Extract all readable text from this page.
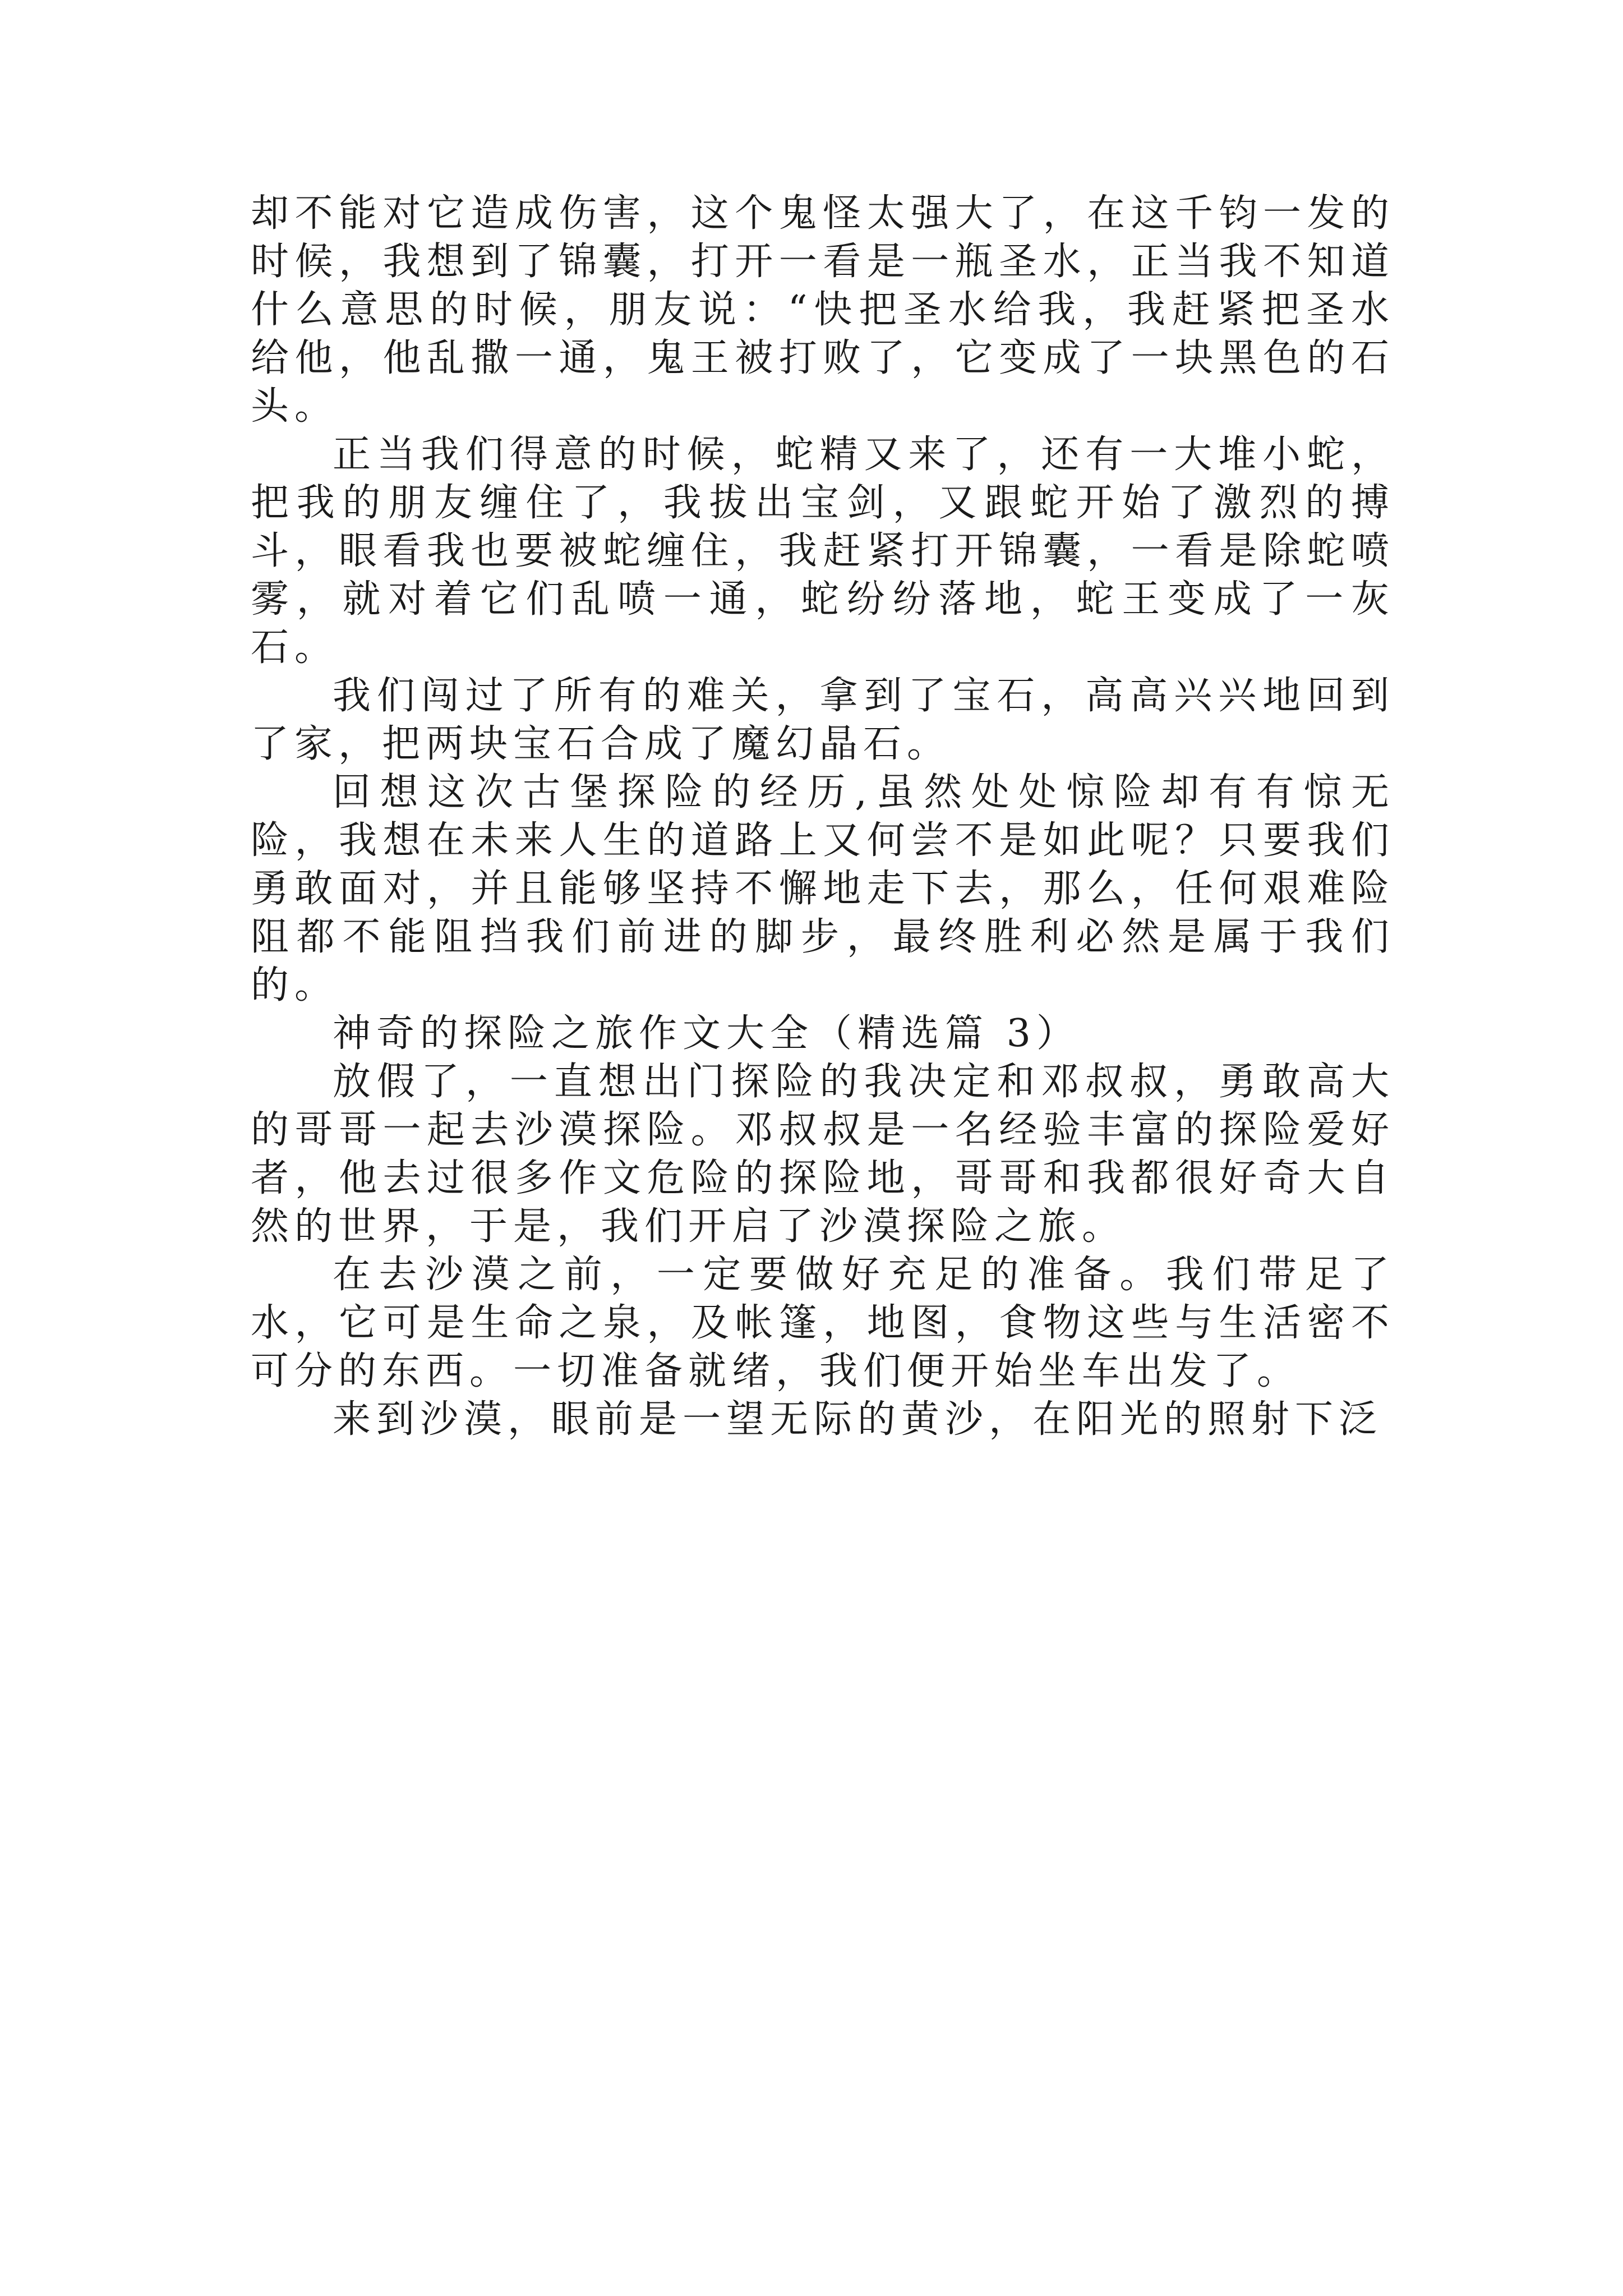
却不能对它造成伤害，这个鬼怪太强大了，在这千钧一发的时候，我想到了锦囊，打开一看是一瓶圣水，正当我不知道什么意思的时候，朋友说：“快把圣水给我，我赶紧把圣水给他，他乱撒一通，鬼王被打败了，它变成了一块黑色的石头。

正当我们得意的时候，蛇精又来了，还有一大堆小蛇，把我的朋友缠住了，我拔出宝剑，又跟蛇开始了激烈的搏斗，眼看我也要被蛇缠住，我赶紧打开锦囊，一看是除蛇喷雾，就对着它们乱喷一通，蛇纷纷落地，蛇王变成了一灰石。

我们闯过了所有的难关，拿到了宝石，高高兴兴地回到了家，把两块宝石合成了魔幻晶石。

回想这次古堡探险的经历,虽然处处惊险却有有惊无险，我想在未来人生的道路上又何尝不是如此呢？只要我们勇敢面对，并且能够坚持不懈地走下去，那么，任何艰难险阻都不能阻挡我们前进的脚步，最终胜利必然是属于我们的。

神奇的探险之旅作文大全（精选篇 3）

放假了，一直想出门探险的我决定和邓叔叔，勇敢高大的哥哥一起去沙漠探险。邓叔叔是一名经验丰富的探险爱好者，他去过很多作文危险的探险地，哥哥和我都很好奇大自然的世界，于是，我们开启了沙漠探险之旅。

在去沙漠之前，一定要做好充足的准备。我们带足了水，它可是生命之泉，及帐篷，地图，食物这些与生活密不可分的东西。一切准备就绪，我们便开始坐车出发了。

来到沙漠，眼前是一望无际的黄沙，在阳光的照射下泛
